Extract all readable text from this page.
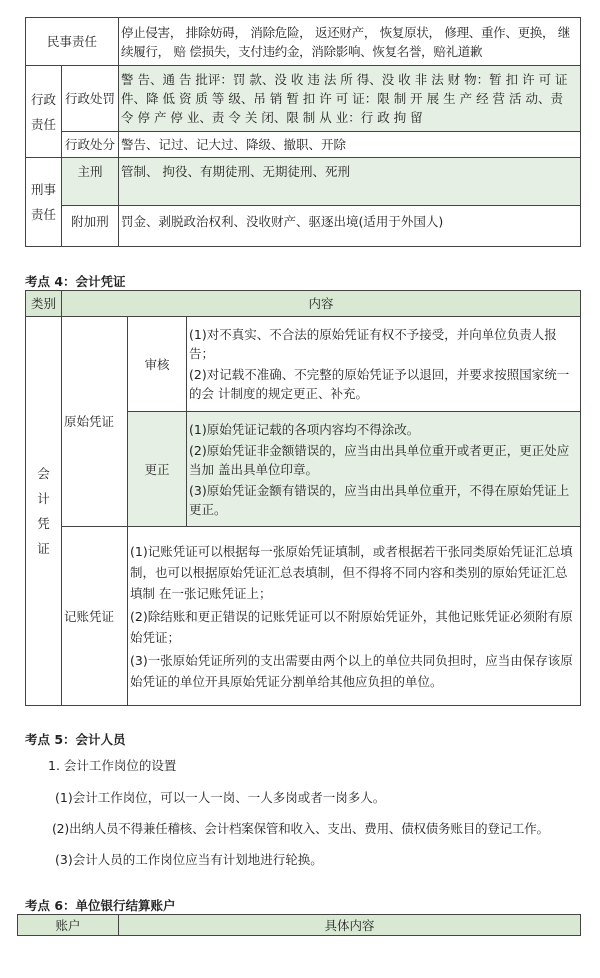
民事责任		停止侵害， 排除妨碍， 消除危险， 返还财产， 恢复原状， 修理、重作、更换， 继续履行， 赔 偿损失，支付违约金，消除影响、恢复名誉，赔礼道歉
行政责任	行政处罚	警 告、通 告 批评：罚 款、没 收 违 法 所 得、没 收 非 法 财 物：暂 扣 许 可 证 件、降 低 资 质 等 级、吊 销 暂 扣 许 可 证：限 制 开 展 生 产 经 营 活 动、责 令 停 产 停 业、责 令 关 闭、限 制 从 业：行 政 拘 留
	行政处分	警告、记过、记大过、降级、撤职、开除
刑事责任	主刑	管制、 拘役、有期徒刑、无期徒刑、死刑
	附加刑	罚金、剥脱政治权利、没收财产、驱逐出境(适用于外国人)
考点 4：会计凭证
类别	内容		
会计凭证	原始凭证	审核	(1)对不真实、不合法的原始凭证有权不予接受，并向单位负责人报告；

(2)对记载不准确、不完整的原始凭证予以退回，并要求按照国家统一的会 计制度的规定更正、补充。

		更正	(1)原始凭证记载的各项内容均不得涂改。

(2)原始凭证非金额错误的，应当由出具单位重开或者更正，更正处应当加 盖出具单位印章。

(3)原始凭证金额有错误的，应当由出具单位重开，不得在原始凭证上更正。

	记账凭证	(1)记账凭证可以根据每一张原始凭证填制，或者根据若干张同类原始凭证汇总填 制，也可以根据原始凭证汇总表填制，但不得将不同内容和类别的原始凭证汇总填制 在一张记账凭证上；

(2)除结账和更正错误的记账凭证可以不附原始凭证外，其他记账凭证必须附有原始凭证；

(3)一张原始凭证所列的支出需要由两个以上的单位共同负担时，应当由保存该原始凭证的单位开具原始凭证分割单给其他应负担的单位。	

考点 5：会计人员
1. 会计工作岗位的设置
(1)会计工作岗位，可以一人一岗、一人多岗或者一岗多人。
(2)出纳人员不得兼任稽核、会计档案保管和收入、支出、费用、债权债务账目的登记工作。
(3)会计人员的工作岗位应当有计划地进行轮换。
考点 6：单位银行结算账户
账户	具体内容
